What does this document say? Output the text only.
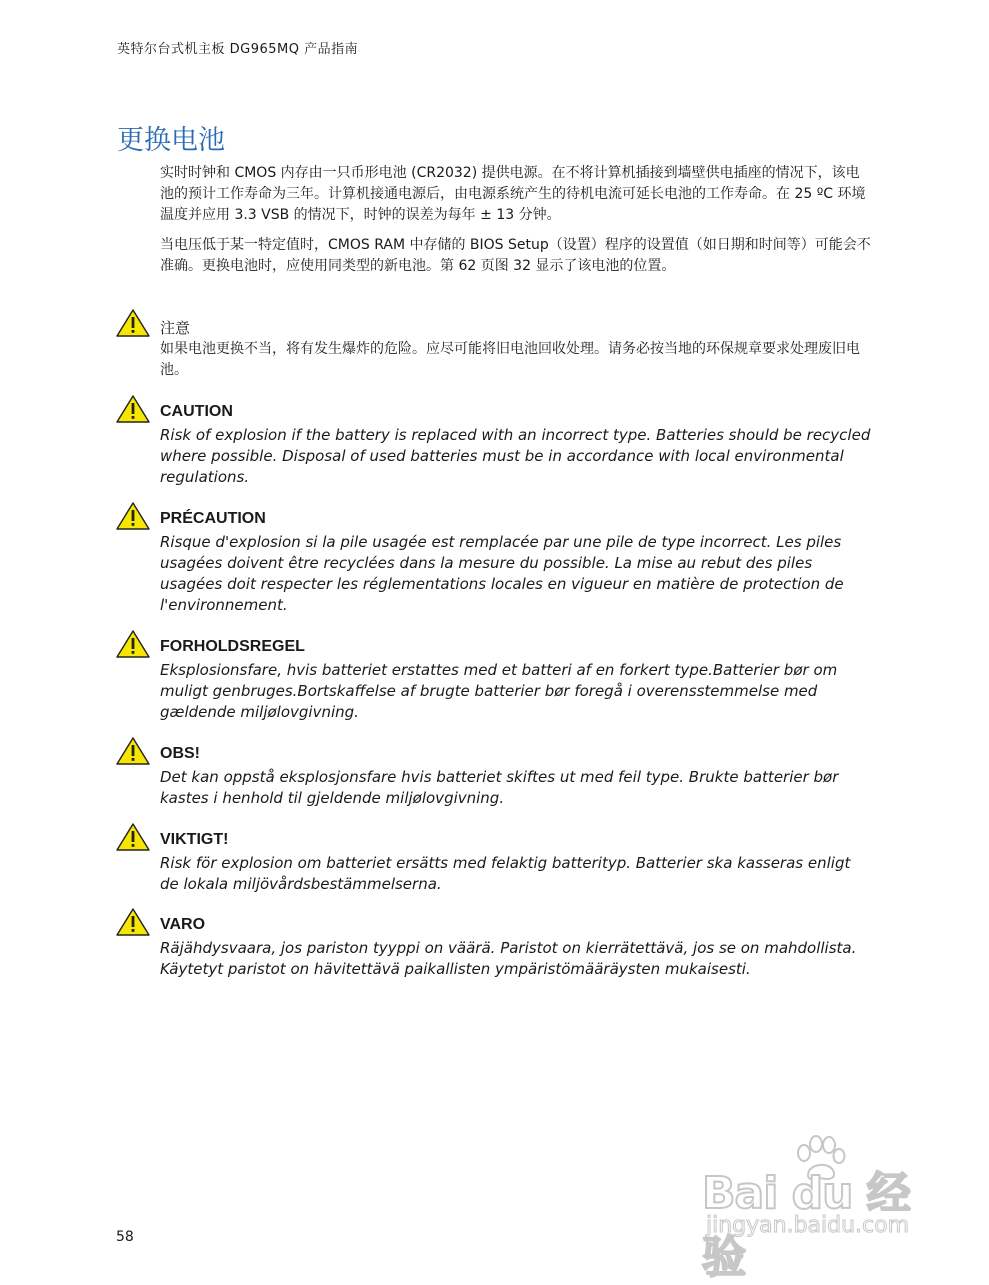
英特尔台式机主板 DG965MQ 产品指南
更换电池

实时时钟和 CMOS 内存由一只币形电池 (CR2032) 提供电源。在不将计算机插接到墙壁供电插座的情况下，该电池的预计工作寿命为三年。计算机接通电源后，由电源系统产生的待机电流可延长电池的工作寿命。在 25 ºC 环境温度并应用 3.3 VSB 的情况下，时钟的误差为每年 ± 13 分钟。

当电压低于某一特定值时，CMOS RAM 中存储的 BIOS Setup（设置）程序的设置值（如日期和时间等）可能会不准确。更换电池时，应使用同类型的新电池。第 62 页图 32 显示了该电池的位置。

注意
如果电池更换不当，将有发生爆炸的危险。应尽可能将旧电池回收处理。请务必按当地的环保规章要求处理废旧电池。
CAUTION
Risk of explosion if the battery is replaced with an incorrect type. Batteries should be recycled where possible. Disposal of used batteries must be in accordance with local environmental regulations.
PRÉCAUTION
Risque d'explosion si la pile usagée est remplacée par une pile de type incorrect. Les piles usagées doivent être recyclées dans la mesure du possible. La mise au rebut des piles usagées doit respecter les réglementations locales en vigueur en matière de protection de l'environnement.
FORHOLDSREGEL
Eksplosionsfare, hvis batteriet erstattes med et batteri af en forkert type.Batterier bør om muligt genbruges.Bortskaffelse af brugte batterier bør foregå i overensstemmelse med gældende miljølovgivning.
OBS!
Det kan oppstå eksplosjonsfare hvis batteriet skiftes ut med feil type. Brukte batterier bør kastes i henhold til gjeldende miljølovgivning.
VIKTIGT!
Risk för explosion om batteriet ersätts med felaktig batterityp. Batterier ska kasseras enligt de lokala miljövårdsbestämmelserna.
VARO
Räjähdysvaara, jos pariston tyyppi on väärä. Paristot on kierrätettävä, jos se on mahdollista. Käytetyt paristot on hävitettävä paikallisten ympäristömääräysten mukaisesti.
58
Bai du 经验
jingyan.baidu.com
